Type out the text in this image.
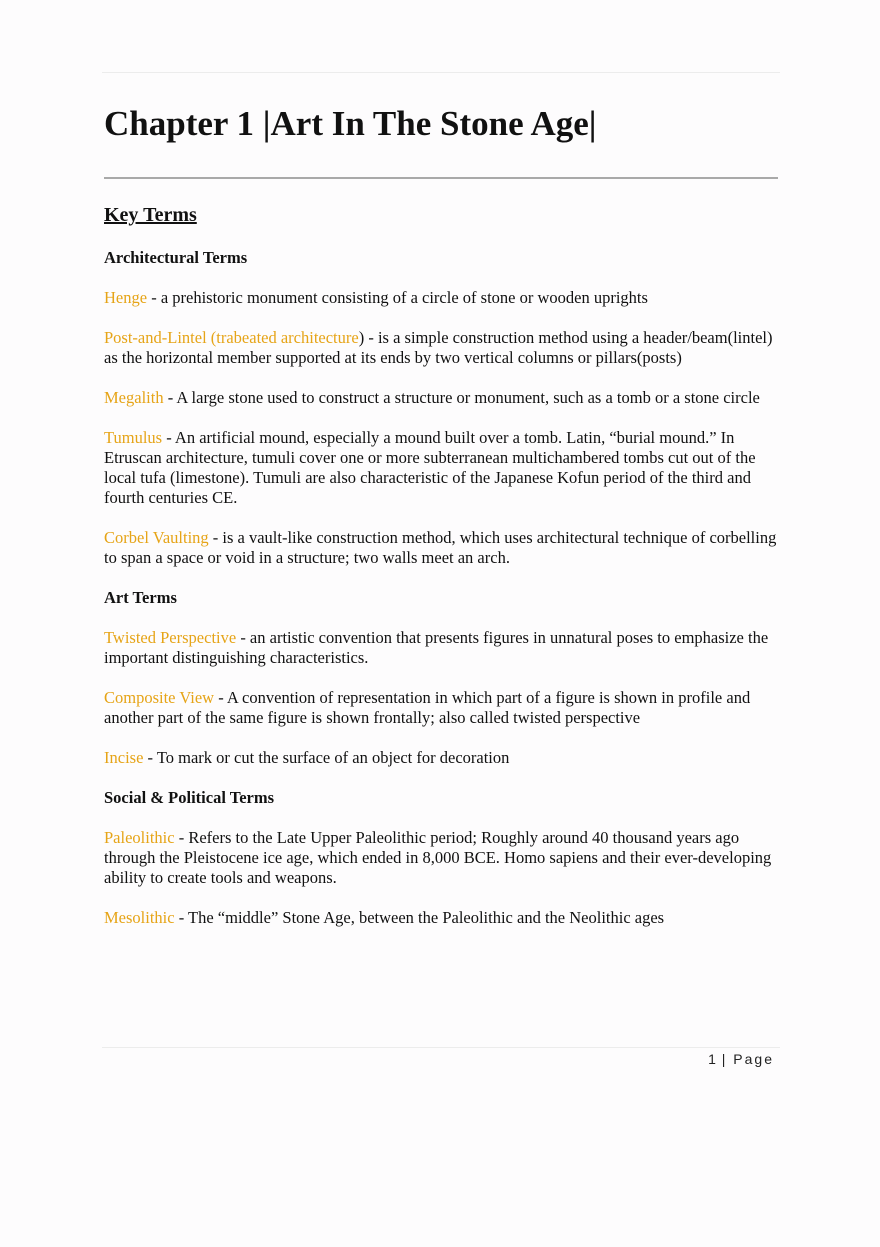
Chapter 1 |Art In The Stone Age|
Key Terms
Architectural Terms

Henge - a prehistoric monument consisting of a circle of stone or wooden uprights

Post-and-Lintel (trabeated architecture) - is a simple construction method using a header/beam(lintel) as the horizontal member supported at its ends by two vertical columns or pillars(posts)

Megalith - A large stone used to construct a structure or monument, such as a tomb or a stone circle

Tumulus - An artificial mound, especially a mound built over a tomb. Latin, “burial mound.” In Etruscan architecture, tumuli cover one or more subterranean multichambered tombs cut out of the local tufa (limestone). Tumuli are also characteristic of the Japanese Kofun period of the third and fourth centuries CE.

Corbel Vaulting - is a vault-like construction method, which uses architectural technique of corbelling to span a space or void in a structure; two walls meet an arch.

Art Terms

Twisted Perspective - an artistic convention that presents figures in unnatural poses to emphasize the important distinguishing characteristics.

Composite View - A convention of representation in which part of a figure is shown in profile and another part of the same figure is shown frontally; also called twisted perspective

Incise - To mark or cut the surface of an object for decoration

Social & Political Terms

Paleolithic - Refers to the Late Upper Paleolithic period; Roughly around 40 thousand years ago through the Pleistocene ice age, which ended in 8,000 BCE. Homo sapiens and their ever-developing ability to create tools and weapons.

Mesolithic - The “middle” Stone Age, between the Paleolithic and the Neolithic ages

1 | Page
